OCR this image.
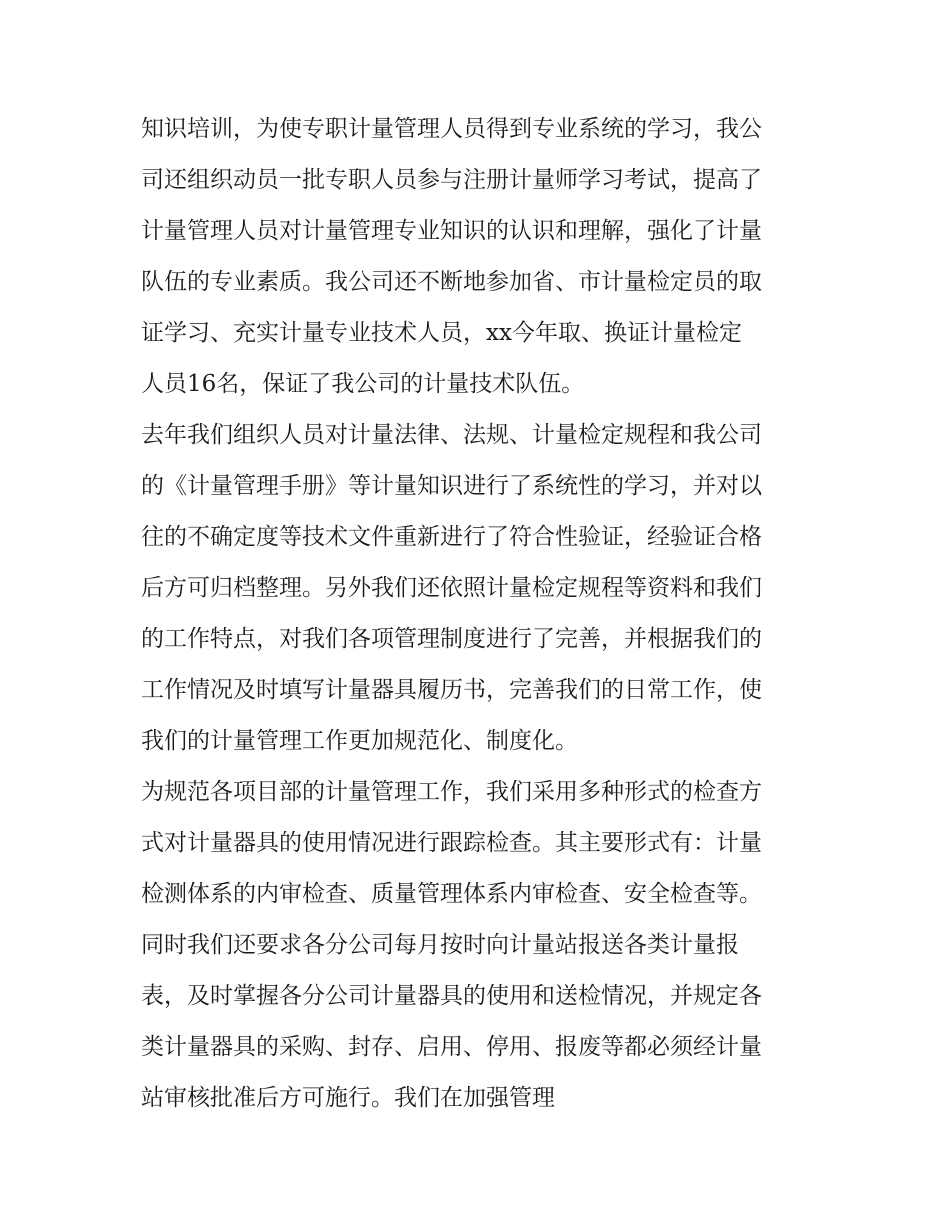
知识培训，为使专职计量管理人员得到专业系统的学习，我公
司还组织动员一批专职人员参与注册计量师学习考试，提高了
计量管理人员对计量管理专业知识的认识和理解，强化了计量
队伍的专业素质。我公司还不断地参加省、市计量检定员的取
证学习、充实计量专业技术人员，xx今年取、换证计量检定
人员16名，保证了我公司的计量技术队伍。
去年我们组织人员对计量法律、法规、计量检定规程和我公司
的《计量管理手册》等计量知识进行了系统性的学习，并对以
往的不确定度等技术文件重新进行了符合性验证，经验证合格
后方可归档整理。另外我们还依照计量检定规程等资料和我们
的工作特点，对我们各项管理制度进行了完善，并根据我们的
工作情况及时填写计量器具履历书，完善我们的日常工作，使
我们的计量管理工作更加规范化、制度化。
为规范各项目部的计量管理工作，我们采用多种形式的检查方
式对计量器具的使用情况进行跟踪检查。其主要形式有：计量
检测体系的内审检查、质量管理体系内审检查、安全检查等。
同时我们还要求各分公司每月按时向计量站报送各类计量报
表，及时掌握各分公司计量器具的使用和送检情况，并规定各
类计量器具的采购、封存、启用、停用、报废等都必须经计量
站审核批准后方可施行。我们在加强管理
